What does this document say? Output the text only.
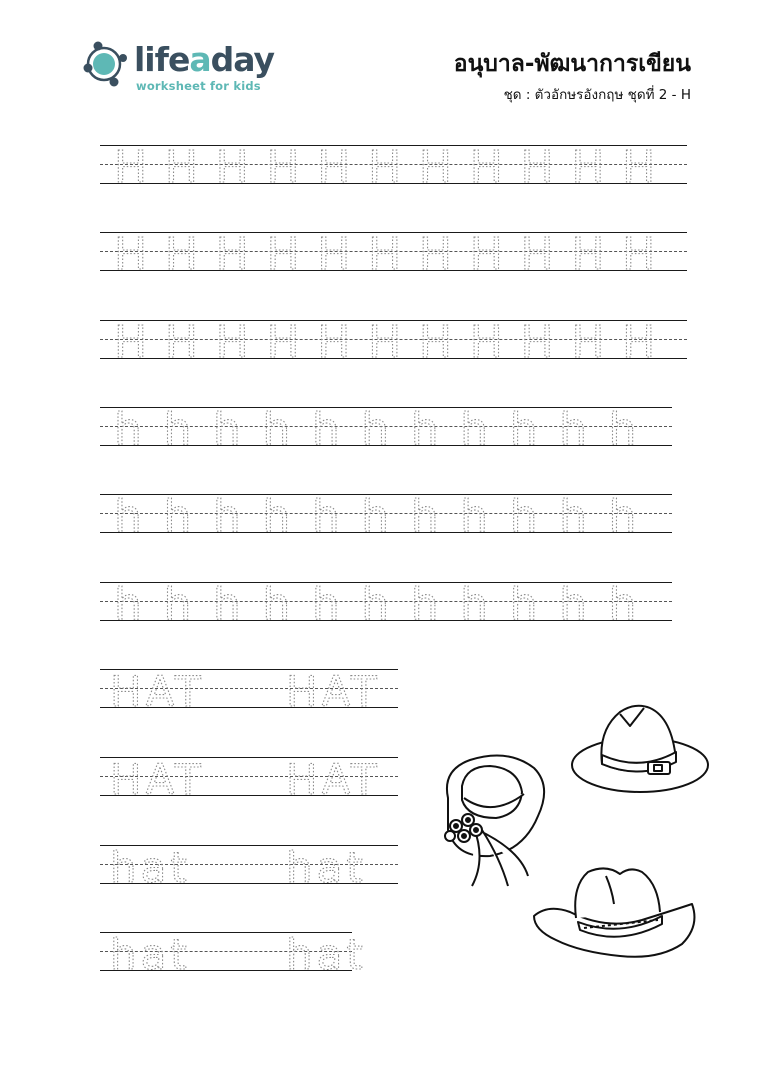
lifeaday
worksheet for kids
อนุบาล-พัฒนาการเขียน
ชุด : ตัวอักษรอังกฤษ ชุดที่ 2 - H
H H H H H H H H H H H
H H H H H H H H H H H
H H H H H H H H H H H
h h h h h h h h h h h
h h h h h h h h h h h
h h h h h h h h h h h
HAT HAT
HAT HAT
hat hat
hat hat
